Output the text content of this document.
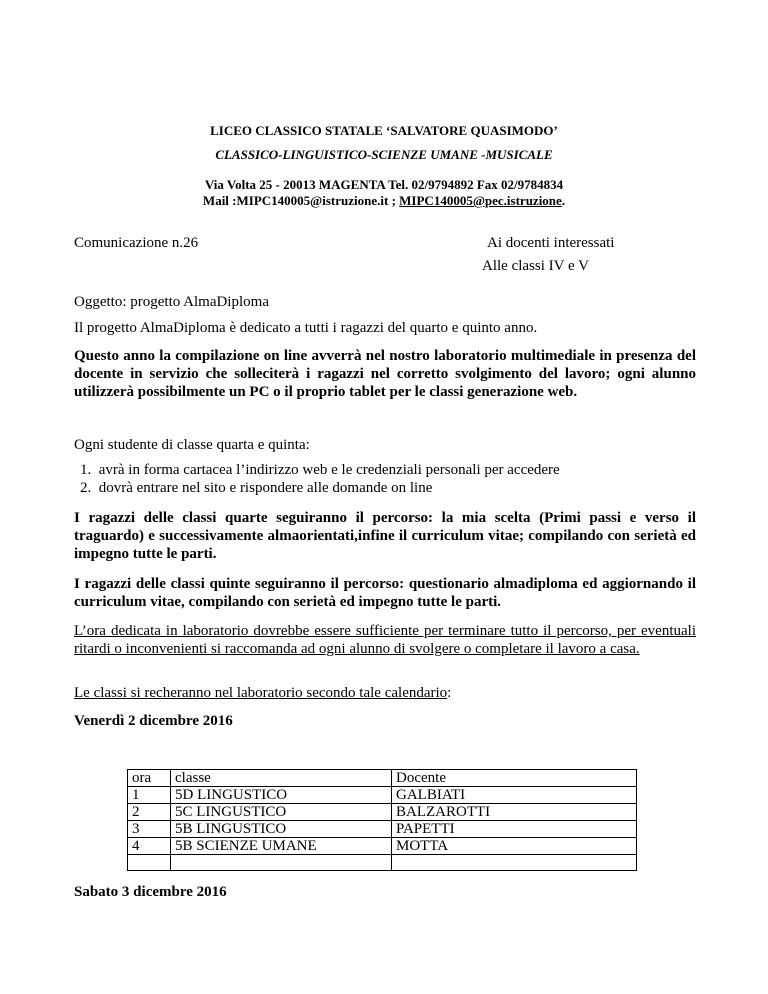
LICEO CLASSICO STATALE ‘SALVATORE QUASIMODO’
CLASSICO-LINGUISTICO-SCIENZE UMANE -MUSICALE
Via Volta 25 - 20013 MAGENTA Tel. 02/9794892 Fax 02/9784834
Mail :MIPC140005@istruzione.it ; MIPC140005@pec.istruzione.
Comunicazione n.26	Ai docenti interessati
Alle classi IV e V
Oggetto: progetto AlmaDiploma
Il progetto AlmaDiploma è dedicato a tutti i ragazzi del quarto e quinto anno.
Questo anno la compilazione on line avverrà nel nostro laboratorio multimediale in presenza del docente in servizio che solleciterà i ragazzi nel corretto svolgimento del lavoro; ogni alunno utilizzerà possibilmente un PC o il proprio tablet per le classi generazione web.
Ogni studente di classe quarta e quinta:
1. avrà in forma cartacea l’indirizzo web e le credenziali personali per accedere
2.  dovrà entrare nel sito e rispondere alle domande on line
I ragazzi delle classi quarte seguiranno il percorso: la mia scelta (Primi passi e verso il traguardo) e successivamente almaorientati,infine il curriculum vitae; compilando con serietà ed impegno tutte le parti.
I ragazzi delle classi quinte seguiranno il percorso: questionario almadiploma ed aggiornando il curriculum vitae, compilando con serietà ed impegno tutte le parti.
L’ora dedicata in laboratorio dovrebbe essere sufficiente per terminare tutto il percorso, per eventuali ritardi o inconvenienti si raccomanda ad ogni alunno di svolgere o completare il lavoro a casa.
Le classi si recheranno nel laboratorio secondo tale calendario:
Venerdì 2 dicembre 2016
ora	classe	Docente
1	5D LINGUSTICO	GALBIATI
2	5C LINGUSTICO	BALZAROTTI
3	5B LINGUSTICO	PAPETTI
4	5B SCIENZE UMANE	MOTTA

Sabato 3 dicembre 2016
